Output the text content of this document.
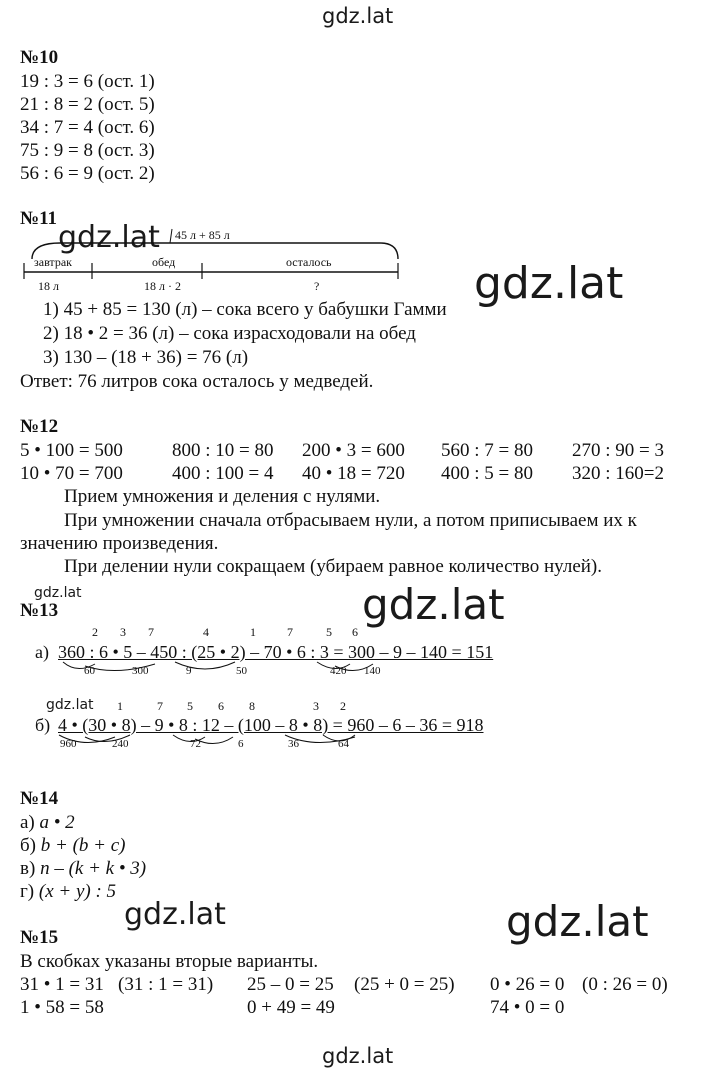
gdz.lat
gdz.lat
gdz.lat
gdz.lat	gdz.lat
gdz.lat
gdz.lat	gdz.lat
gdz.lat
№10
19 : 3 = 6 (ост. 1)
21 : 8 = 2 (ост. 5)
34 : 7 = 4 (ост. 6)
75 : 9 = 8 (ост. 3)
56 : 6 = 9 (ост. 2)
№11
45 л + 85 л
завтрак	обед	осталось
18 л	18 л · 2	?
1) 45 + 85 = 130 (л) – сока всего у бабушки Гамми
2) 18 • 2 = 36 (л) – сока израсходовали на обед
3) 130 – (18 + 36) = 76 (л)
Ответ: 76 литров сока осталось у медведей.
№12
5 • 100 = 500	800 : 10 = 80 200 • 3 = 600 560 : 7 = 80 270 : 90 = 3
10 • 70 = 700	400 : 100 = 4 40 • 18 = 720 400 : 5 = 80 320 : 160=2
Прием умножения и деления с нулями.
При умножении сначала отбрасываем нули, а потом приписываем их к
значению произведения.
При делении нули сокращаем (убираем равное количество нулей).
№13
2 3 7	4	1	7	5 6
а) 360 : 6 • 5 – 450 : (25 • 2) – 70 • 6 : 3 = 300 – 9 – 140 = 151
60	300	9	50	420 140
1	7 5 6 8	3 2
б) 4 • (30 • 8) – 9 • 8 : 12 – (100 – 8 • 8) = 960 – 6 – 36 = 918
960	240	72	6	36	64
№14
а) a • 2
б) b + (b + c)
в) n – (k + k • 3)
г) (x + y) : 5
№15
В скобках указаны вторые варианты.
31 • 1 = 31 (31 : 1 = 31) 25 – 0 = 25 (25 + 0 = 25) 0 • 26 = 0 (0 : 26 = 0)
1 • 58 = 58	0 + 49 = 49	74 • 0 = 0
